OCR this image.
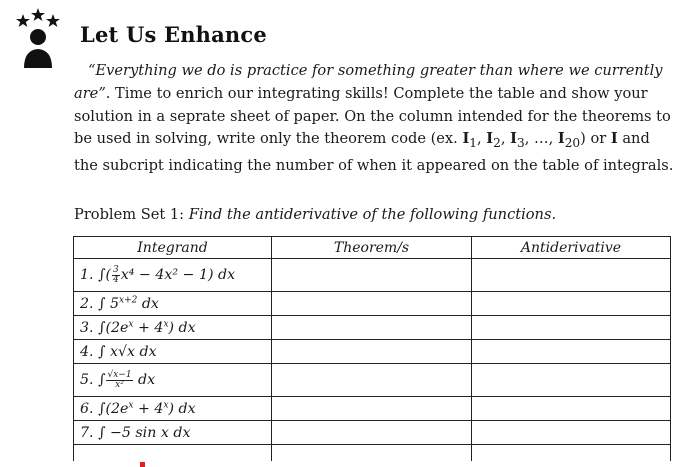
Let Us Enhance

“Everything we do is practice for something greater than where we currently are”. Time to enrich our integrating skills! Complete the table and show your solution in a seprate sheet of paper. On the column intended for the theorems to be used in solving, write only the theorem code (ex. $I_1$, $I_2$, $I_3$, …, $I_{20}$) or I and the subcript indicating the number of when it appeared on the table of integrals.

Problem Set 1: Find the antiderivative of the following functions.

Integrand	Theorem/s	Antiderivative
1. ∫( $\frac{3}{4} x^4 - 4x^2 - 1$) dx		
2. ∫ $5^{x+2}$ dx		
3. $\int(2e^x + 4^x)$ dx		
4. ∫ x√x dx		
5. ∫ $\frac{√x-1}{\text{x²}}$ dx		
6. $\int(2e^x + 4^x)$ dx		
7. ∫ −5 sin x dx		
